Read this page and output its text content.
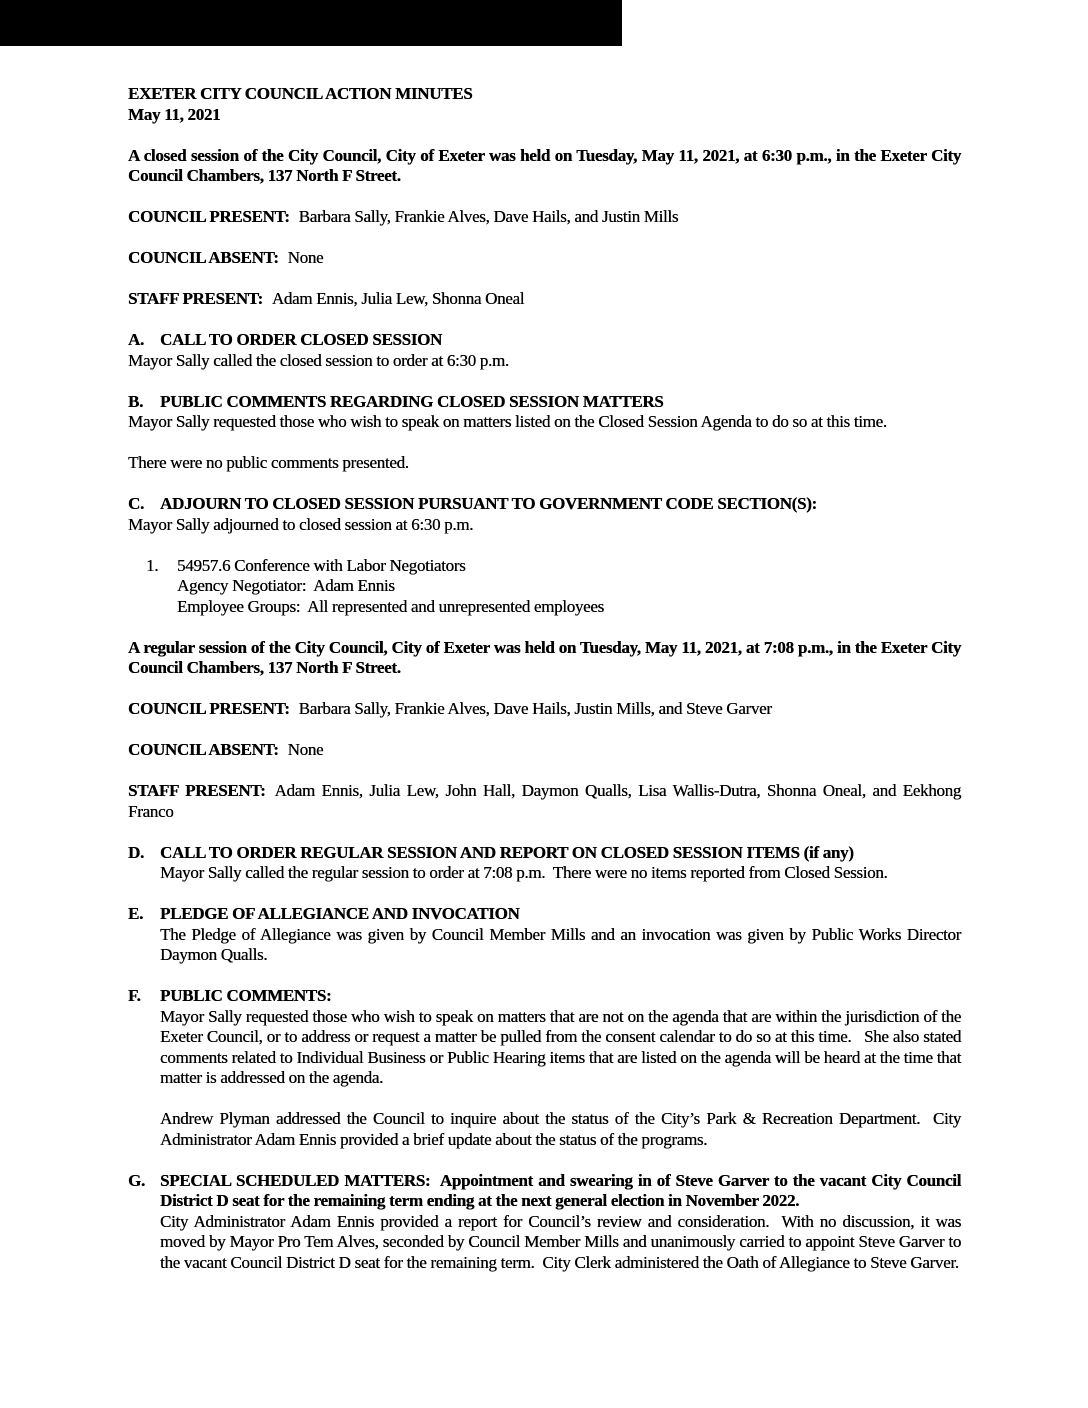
EXETER CITY COUNCIL ACTION MINUTES
May 11, 2021

A closed session of the City Council, City of Exeter was held on Tuesday, May 11, 2021, at 6:30 p.m., in the Exeter City Council Chambers, 137 North F Street.

COUNCIL PRESENT: Barbara Sally, Frankie Alves, Dave Hails, and Justin Mills

COUNCIL ABSENT: None

STAFF PRESENT: Adam Ennis, Julia Lew, Shonna Oneal

A. CALL TO ORDER CLOSED SESSION
Mayor Sally called the closed session to order at 6:30 p.m.
B. PUBLIC COMMENTS REGARDING CLOSED SESSION MATTERS
Mayor Sally requested those who wish to speak on matters listed on the Closed Session Agenda to do so at this time.

There were no public comments presented.

C. ADJOURN TO CLOSED SESSION PURSUANT TO GOVERNMENT CODE SECTION(S):
Mayor Sally adjourned to closed session at 6:30 p.m.
1. 54957.6 Conference with Labor Negotiators
Agency Negotiator:  Adam Ennis
Employee Groups:  All represented and unrepresented employees

A regular session of the City Council, City of Exeter was held on Tuesday, May 11, 2021, at 7:08 p.m., in the Exeter City Council Chambers, 137 North F Street.

COUNCIL PRESENT: Barbara Sally, Frankie Alves, Dave Hails, Justin Mills, and Steve Garver

COUNCIL ABSENT: None

STAFF PRESENT: Adam Ennis, Julia Lew, John Hall, Daymon Qualls, Lisa Wallis-Dutra, Shonna Oneal, and Eekhong Franco

D. CALL TO ORDER REGULAR SESSION AND REPORT ON CLOSED SESSION ITEMS (if any)
Mayor Sally called the regular session to order at 7:08 p.m.  There were no items reported from Closed Session.
E. PLEDGE OF ALLEGIANCE AND INVOCATION
The Pledge of Allegiance was given by Council Member Mills and an invocation was given by Public Works Director Daymon Qualls.
F. PUBLIC COMMENTS:
Mayor Sally requested those who wish to speak on matters that are not on the agenda that are within the jurisdiction of the Exeter Council, or to address or request a matter be pulled from the consent calendar to do so at this time.   She also stated comments related to Individual Business or Public Hearing items that are listed on the agenda will be heard at the time that matter is addressed on the agenda.

Andrew Plyman addressed the Council to inquire about the status of the City’s Park & Recreation Department.  City Administrator Adam Ennis provided a brief update about the status of the programs.

G. SPECIAL SCHEDULED MATTERS:  Appointment and swearing in of Steve Garver to the vacant City Council District D seat for the remaining term ending at the next general election in November 2022.
City Administrator Adam Ennis provided a report for Council’s review and consideration.  With no discussion, it was moved by Mayor Pro Tem Alves, seconded by Council Member Mills and unanimously carried to appoint Steve Garver to the vacant Council District D seat for the remaining term.  City Clerk administered the Oath of Allegiance to Steve Garver.
